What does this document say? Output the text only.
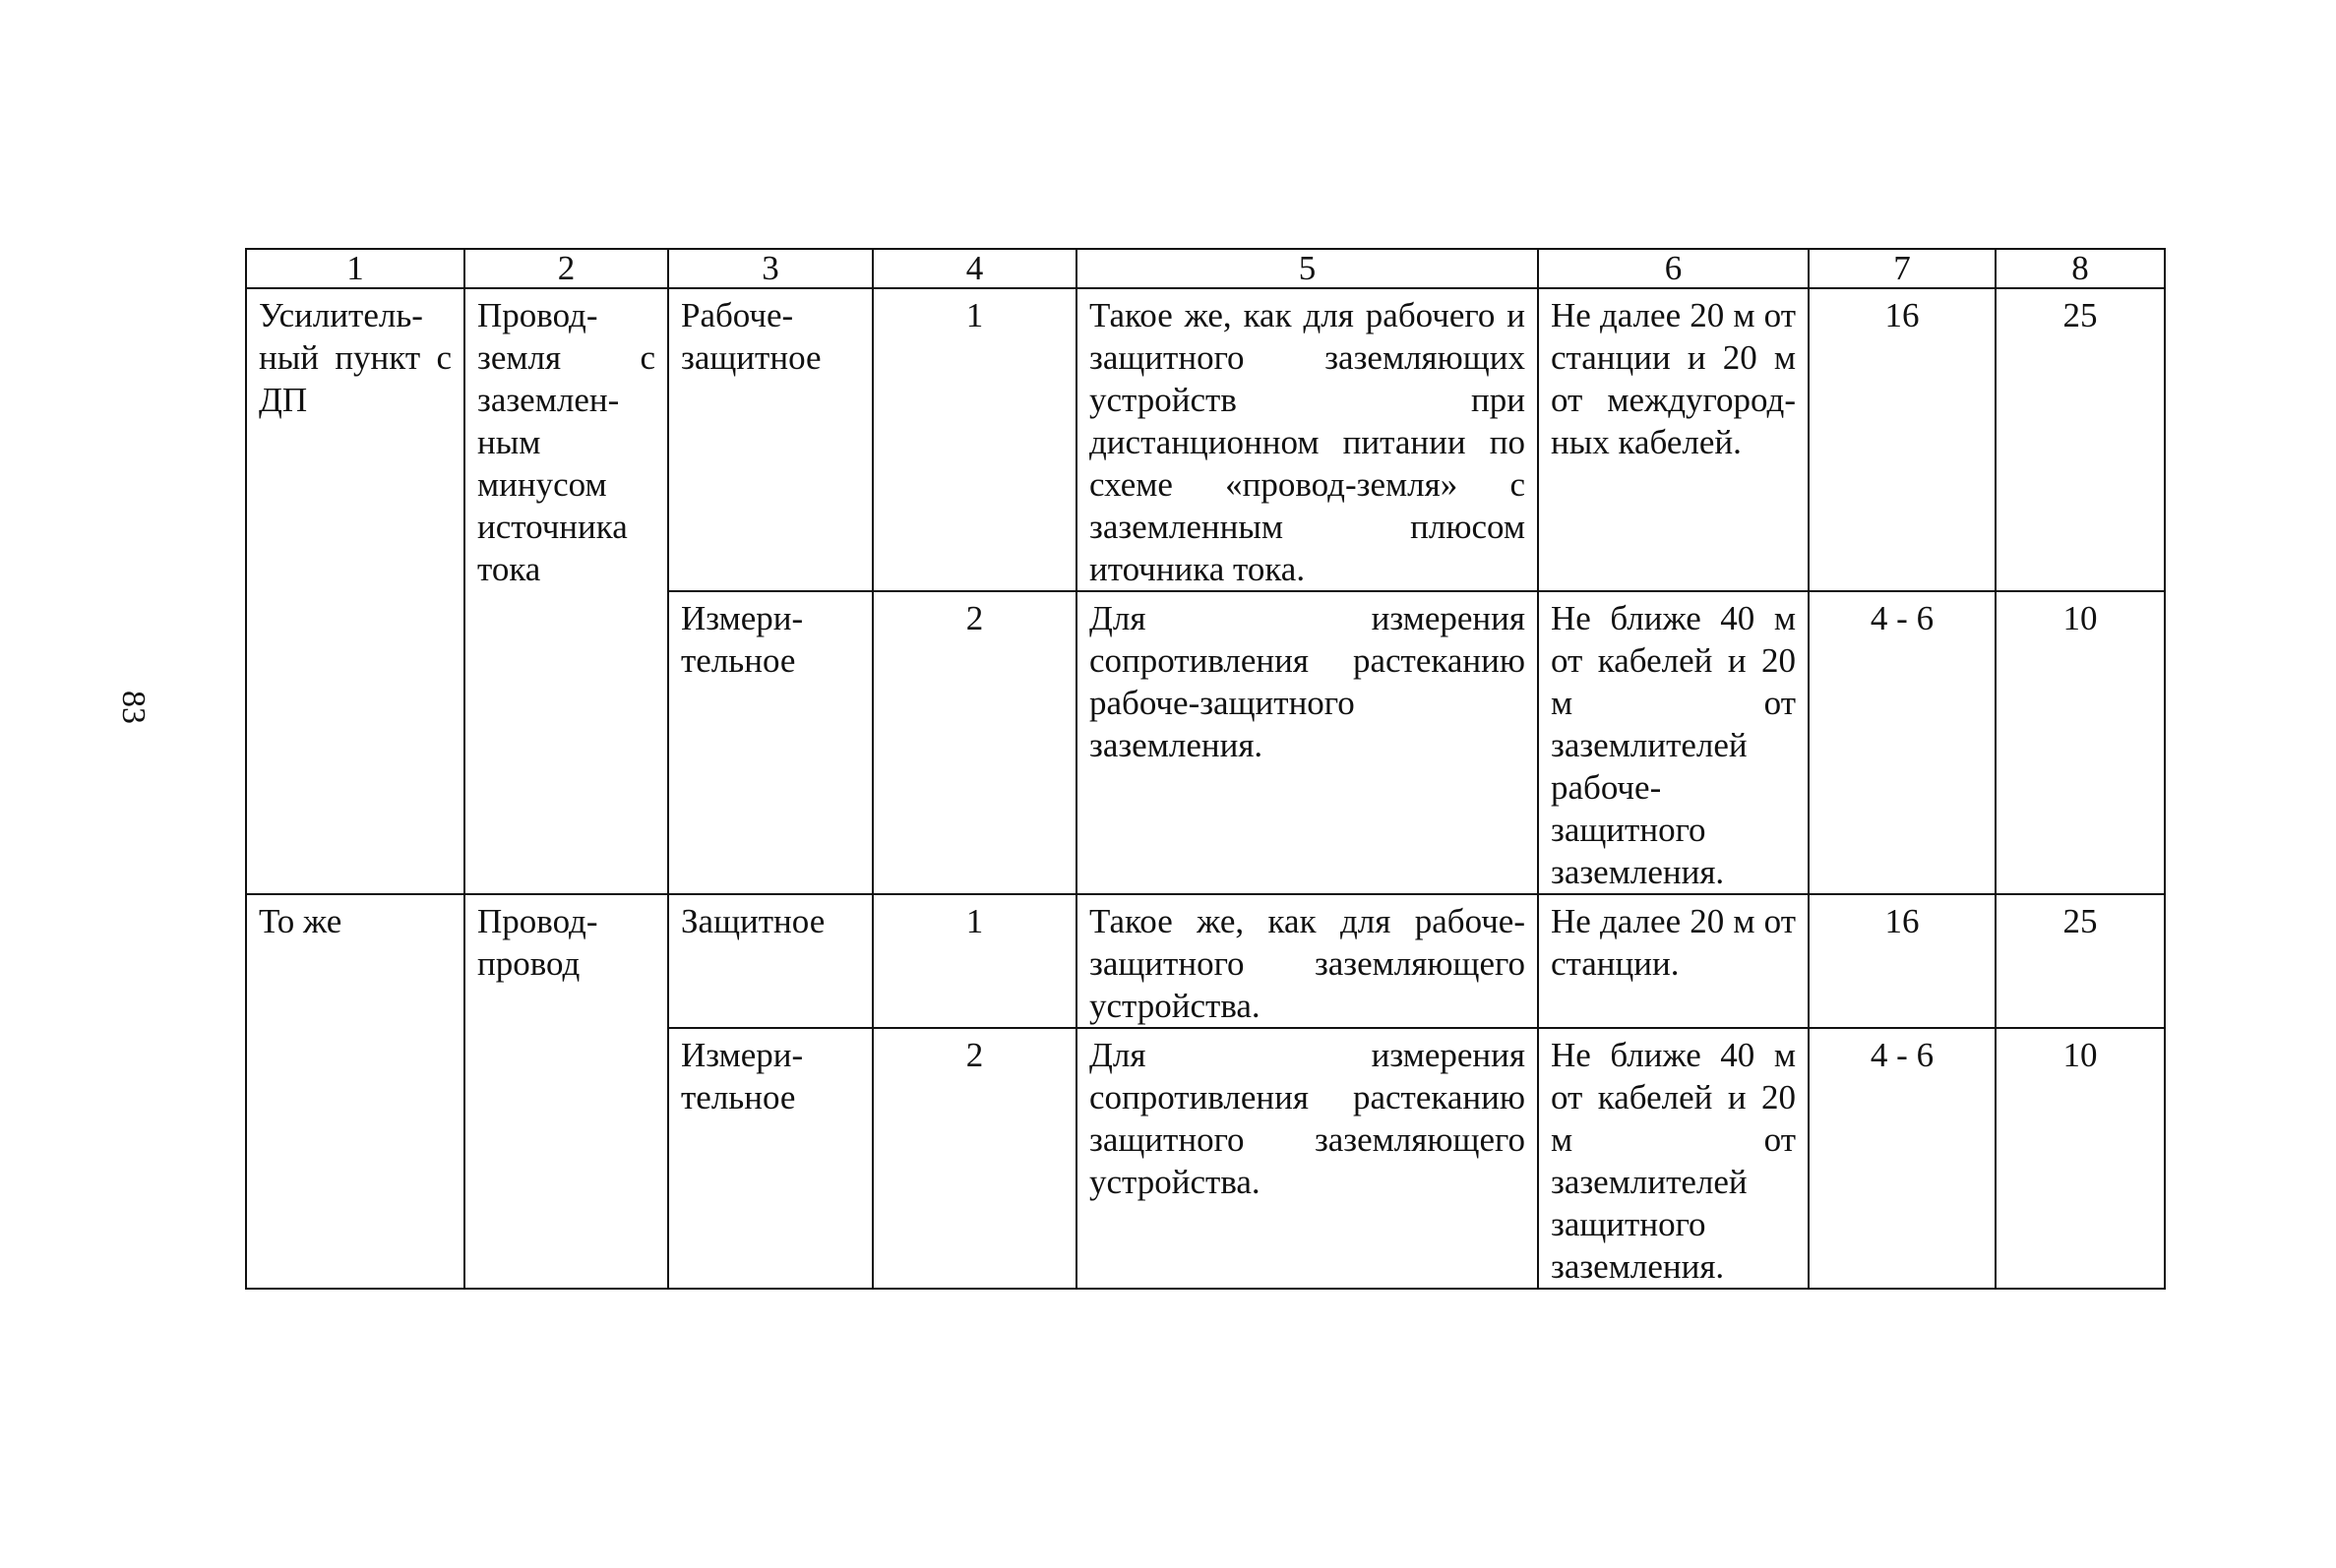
83
1	2	3	4	5	6	7	8
Усилитель-ный пункт с ДП	Провод-земля с заземлен-ным минусом источника тока	Рабоче-защитное	1	Такое же, как для рабочего и защитного заземляющих устройств при дистанционном питании по схеме «провод-земля» с заземленным плюсом иточника тока.	Не далее 20 м от станции и 20 м от междугород-ных кабелей.	16	25
		Измери-тельное	2	Для измерения сопротивления растеканию рабоче-защитного заземления.	Не ближе 40 м от кабелей и 20 м от заземлителей рабоче-защитного заземления.	4 - 6	10
То же	Провод-провод	Защитное	1	Такое же, как для рабоче-защитного заземляющего устройства.	Не далее 20 м от станции.	16	25
		Измери-тельное	2	Для измерения сопротивления растеканию защитного заземляющего устройства.	Не ближе 40 м от кабелей и 20 м от заземлителей защитного заземления.	4 - 6	10
